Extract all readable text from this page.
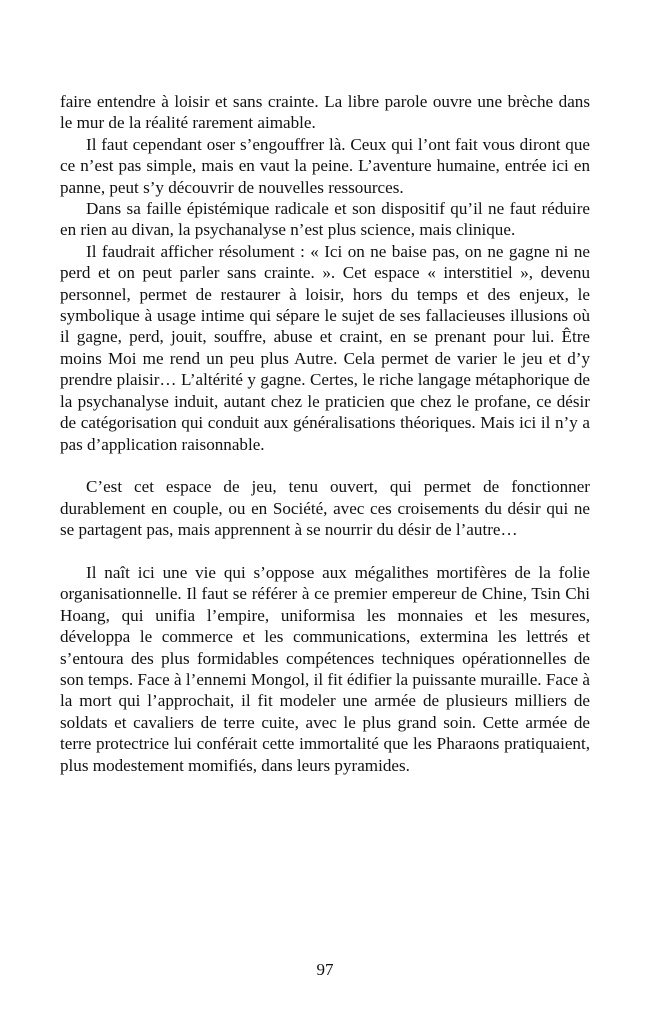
faire entendre à loisir et sans crainte. La libre parole ouvre une brèche dans le mur de la réalité rarement aimable.

Il faut cependant oser s’engouffrer là. Ceux qui l’ont fait vous diront que ce n’est pas simple, mais en vaut la peine. L’aventure humaine, entrée ici en panne, peut s’y découvrir de nouvelles ressources.

Dans sa faille épistémique radicale et son dispositif qu’il ne faut réduire en rien au divan, la psychanalyse n’est plus science, mais clinique.

Il faudrait afficher résolument : « Ici on ne baise pas, on ne gagne ni ne perd et on peut parler sans crainte. ». Cet espace « interstitiel », devenu personnel, permet de restaurer à loisir, hors du temps et des enjeux, le symbolique à usage intime qui sépare le sujet de ses fallacieuses illusions où il gagne, perd, jouit, souffre, abuse et craint, en se prenant pour lui. Être moins Moi me rend un peu plus Autre. Cela permet de varier le jeu et d’y prendre plaisir… L’altérité y gagne. Certes, le riche langage métaphorique de la psychanalyse induit, autant chez le praticien que chez le profane, ce désir de catégorisation qui conduit aux généralisations théoriques. Mais ici il n’y a pas d’application raisonnable.

C’est cet espace de jeu, tenu ouvert, qui permet de fonctionner durablement en couple, ou en Société, avec ces croisements du désir qui ne se partagent pas, mais apprennent à se nourrir du désir de l’autre…

Il naît ici une vie qui s’oppose aux mégalithes mortifères de la folie organisationnelle. Il faut se référer à ce premier empereur de Chine, Tsin Chi Hoang, qui unifia l’empire, uniformisa les monnaies et les mesures, développa le commerce et les communications, extermina les lettrés et s’entoura des plus formidables compétences techniques opérationnelles de son temps. Face à l’ennemi Mongol, il fit édifier la puissante muraille. Face à la mort qui l’approchait, il fit modeler une armée de plusieurs milliers de soldats et cavaliers de terre cuite, avec le plus grand soin. Cette armée de terre protectrice lui conférait cette immortalité que les Pharaons pratiquaient, plus modestement momifiés, dans leurs pyramides.

97
